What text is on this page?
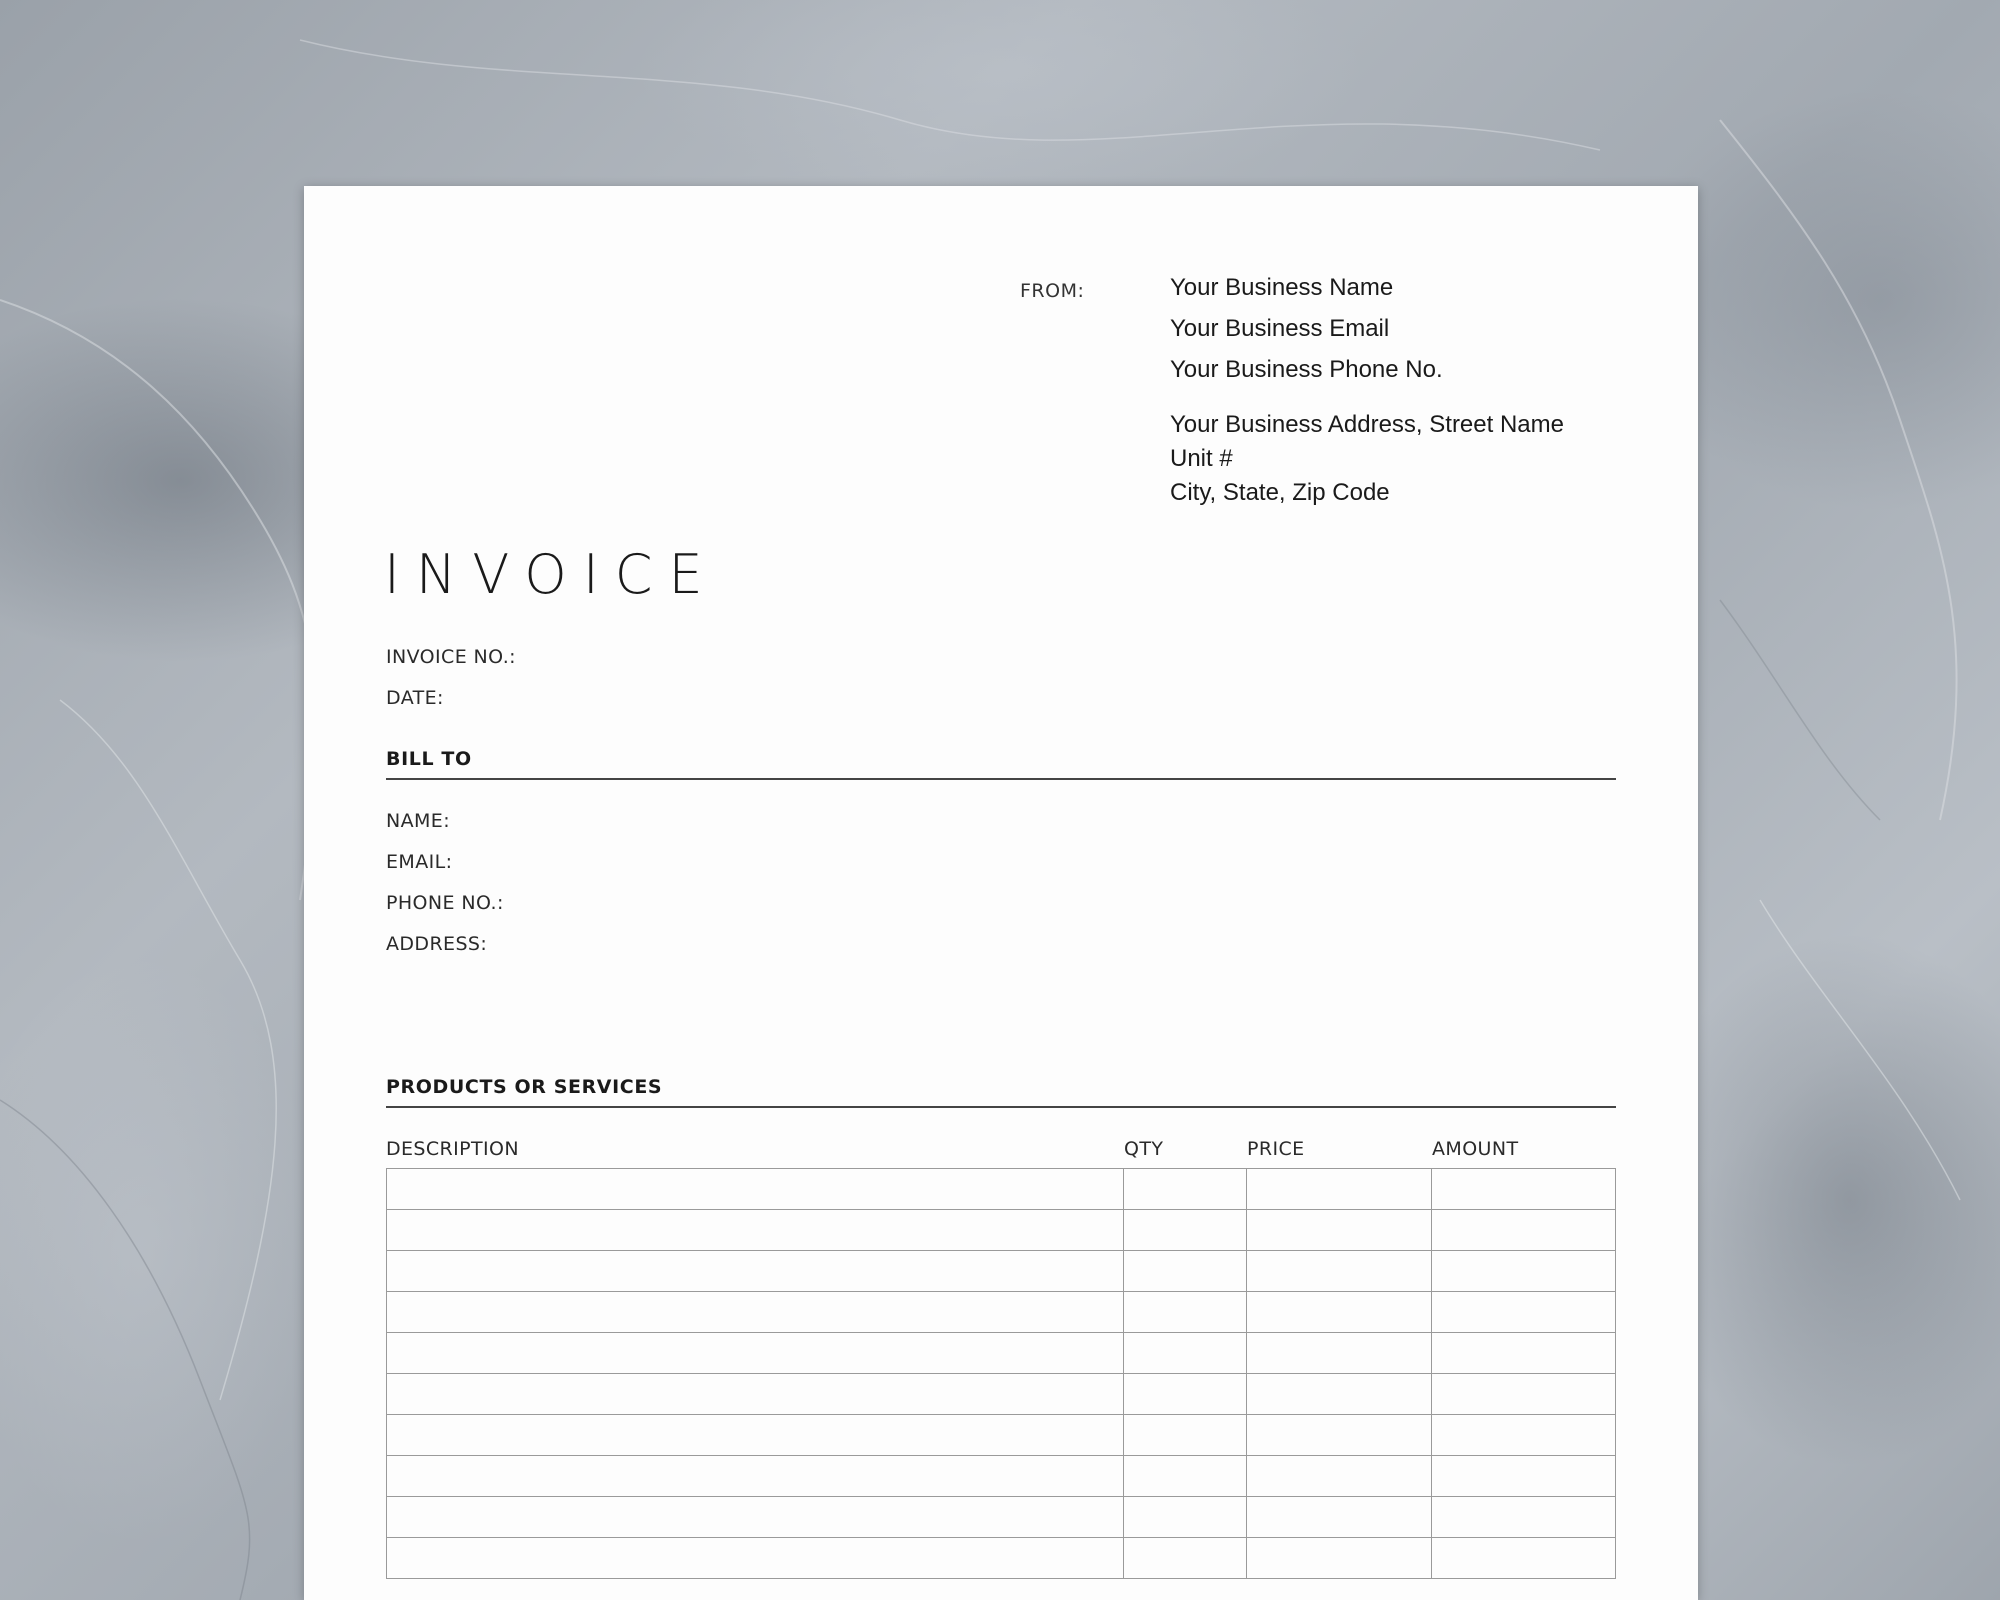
FROM:	Your Business Name
Your Business Email
Your Business Phone No.
Your Business Address, Street Name
Unit #
City, State, Zip Code
INVOICE
INVOICE NO.:
DATE:
BILL TO
NAME:
EMAIL:
PHONE NO.:
ADDRESS:
PRODUCTS OR SERVICES
DESCRIPTION	QTY	PRICE	AMOUNT
